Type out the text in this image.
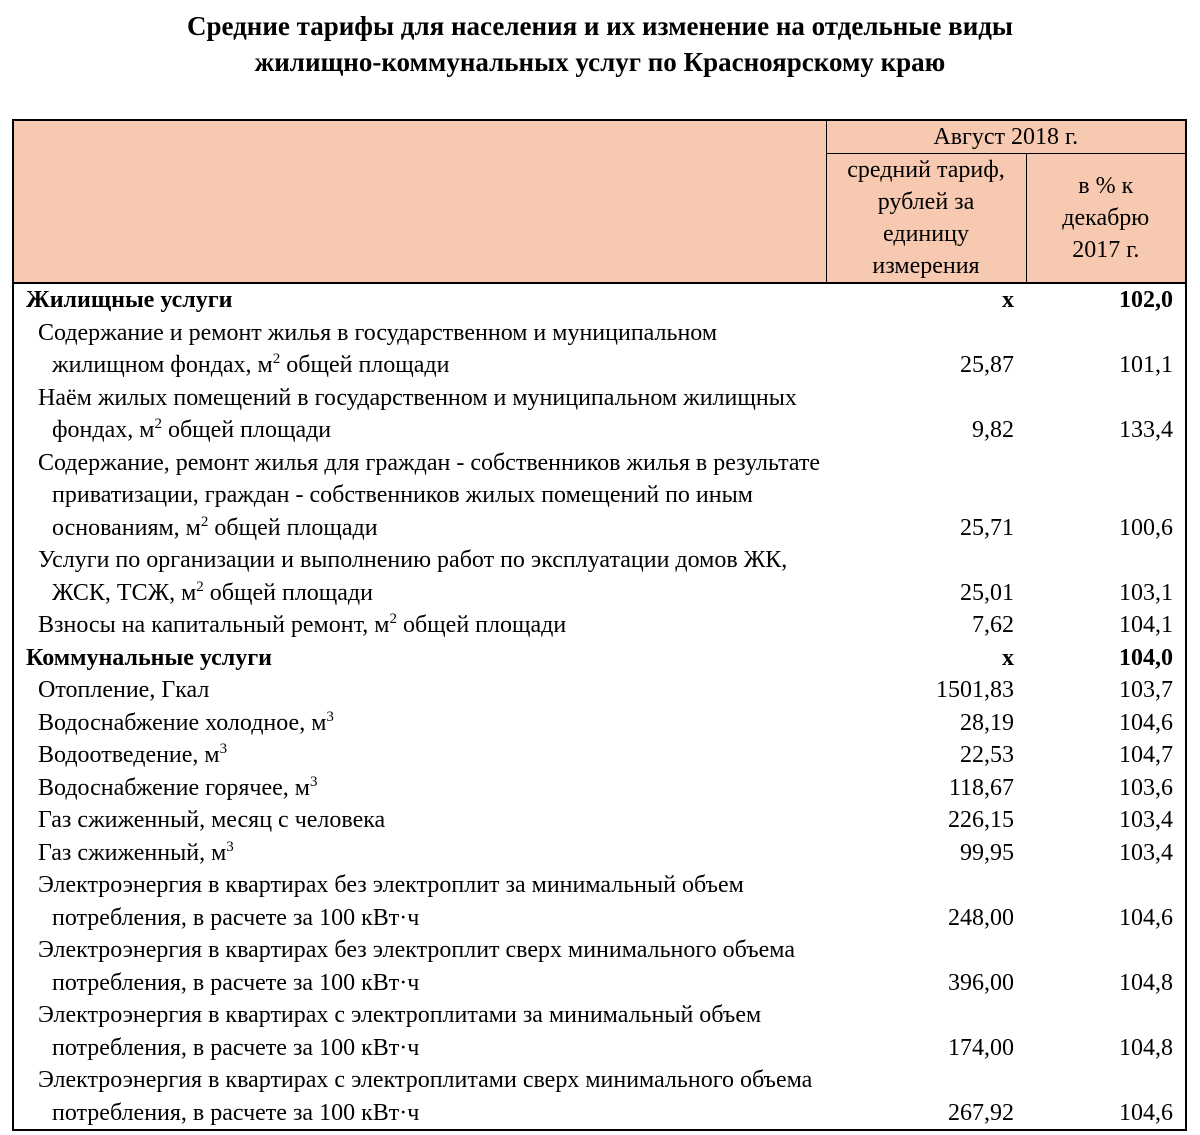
Средние тарифы для населения и их изменение на отдельные виды
жилищно-коммунальных услуг по Красноярскому краю
	Август 2018 г.	

	средний тариф, рублей за единицу измерения	в % к декабрю 2017 г.

Жилищные услуги	x	102,0

Содержание и ремонт жилья в государственном и муниципальном жилищном фондах, $м^2$ общей площади	25,87	101,1

Наём жилых помещений в государственном и муниципальном жилищных фондах, $м^2$ общей площади	9,82	133,4

Содержание, ремонт жилья для граждан - собственников жилья в результате приватизации, граждан - собственников жилых помещений по иным основаниям, $м^2$ общей площади	25,71	100,6

Услуги по организации и выполнению работ по эксплуатации домов ЖК, ЖСК, ТСЖ, $м^2$ общей площади	25,01	103,1

Взносы на капитальный ремонт, $м^2$ общей площади	7,62	104,1

Коммунальные услуги	x	104,0

Отопление, Гкал	1501,83	103,7

Водоснабжение холодное, $м^3$	28,19	104,6

Водоотведение, $м^3$	22,53	104,7

Водоснабжение горячее, $м^3$	118,67	103,6

Газ сжиженный, месяц с человека	226,15	103,4

Газ сжиженный, $м^3$	99,95	103,4

Электроэнергия в квартирах без электроплит за минимальный объем потребления, в расчете за 100 кВт·ч	248,00	104,6

Электроэнергия в квартирах без электроплит сверх минимального объема потребления, в расчете за 100 кВт·ч	396,00	104,8

Электроэнергия в квартирах с электроплитами за минимальный объем потребления, в расчете за 100 кВт·ч	174,00	104,8

Электроэнергия в квартирах с электроплитами сверх минимального объема потребления, в расчете за 100 кВт·ч	267,92	104,6
